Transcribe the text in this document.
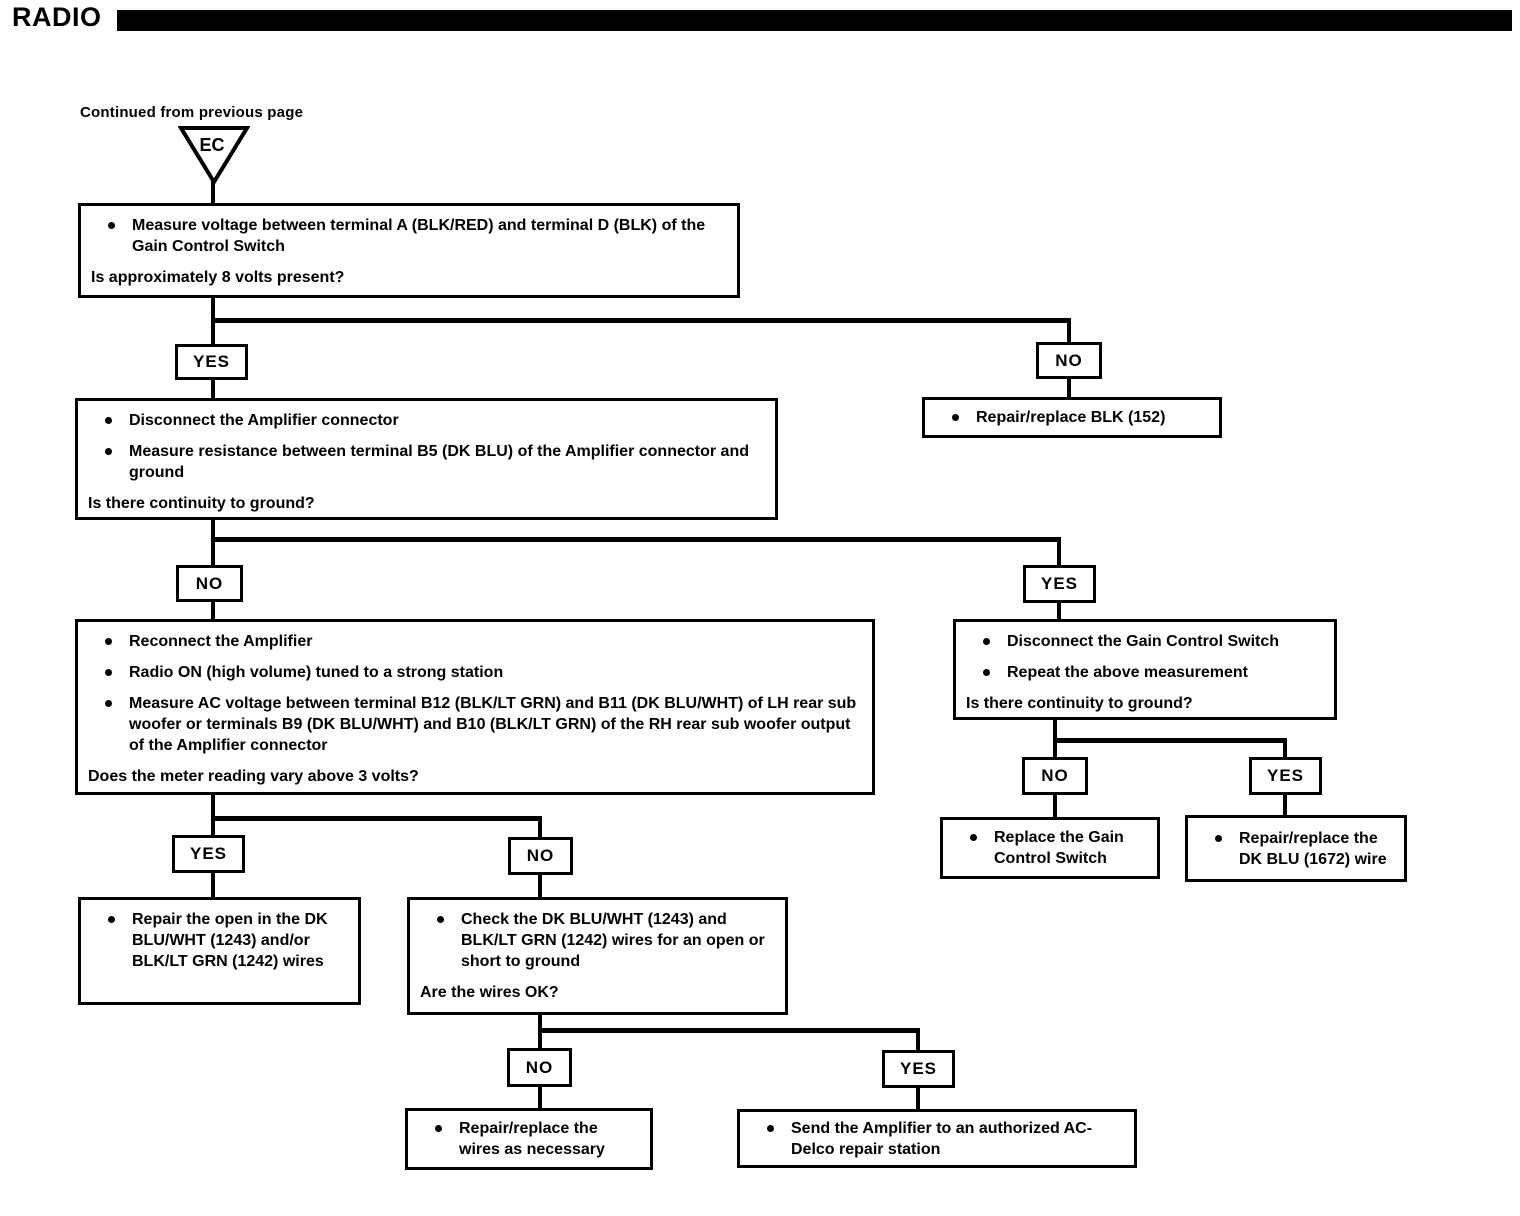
RADIO
Continued from previous page
EC
Measure voltage between terminal A (BLK/RED) and terminal D (BLK) of the Gain Control Switch
Is approximately 8 volts present?
YES	NO
Disconnect the Amplifier connector
Measure resistance between terminal B5 (DK BLU) of the Amplifier connector and ground
Is there continuity to ground?
Repair/replace BLK (152)
NO	YES
Reconnect the Amplifier
Radio ON (high volume) tuned to a strong station
Measure AC voltage between terminal B12 (BLK/LT GRN) and B11 (DK BLU/WHT) of LH rear sub woofer or terminals B9 (DK BLU/WHT) and B10 (BLK/LT GRN) of the RH rear sub woofer output of the Amplifier connector
Does the meter reading vary above 3 volts?
Disconnect the Gain Control Switch
Repeat the above measurement
Is there continuity to ground?
NO	YES
Replace the Gain Control Switch
Repair/replace the DK BLU (1672) wire
YES	NO
Repair the open in the DK BLU/WHT (1243) and/or BLK/LT GRN (1242) wires
Check the DK BLU/WHT (1243) and BLK/LT GRN (1242) wires for an open or short to ground
Are the wires OK?
NO	YES
Repair/replace the wires as necessary
Send the Amplifier to an authorized AC-Delco repair station
